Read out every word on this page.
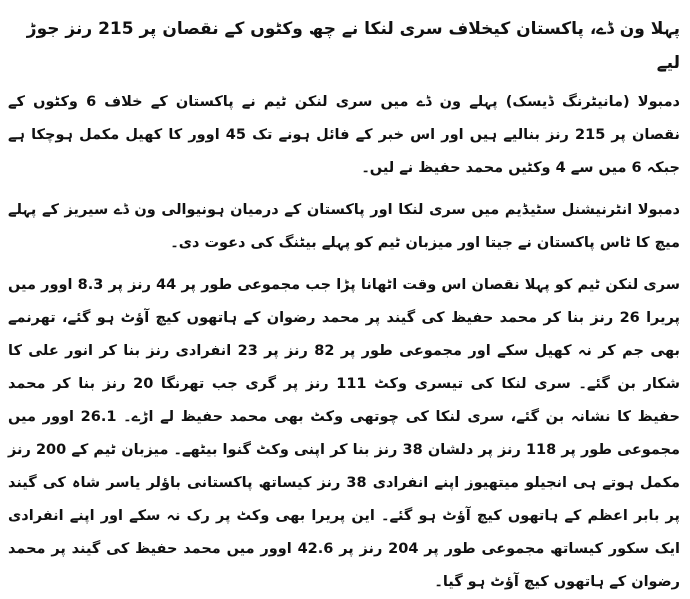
پہلا ون ڈے، پاکستان کیخلاف سری لنکا نے چھ وکٹوں کے نقصان پر 215 رنز جوڑ لیے

دمبولا (مانیٹرنگ ڈیسک) پہلے ون ڈے میں سری لنکن ٹیم نے پاکستان کے خلاف 6 وکٹوں کے نقصان پر 215 رنز بنالیے ہیں اور اس خبر کے فائل ہونے تک 45 اوور کا کھیل مکمل ہوچکا ہے جبکہ 6 میں سے 4 وکٹیں محمد حفیظ نے لیں۔

دمبولا انٹرنیشنل سٹیڈیم میں سری لنکا اور پاکستان کے درمیان ہونیوالی ون ڈے سیریز کے پہلے میچ کا ٹاس پاکستان نے جیتا اور میزبان ٹیم کو پہلے بیٹنگ کی دعوت دی۔

سری لنکن ٹیم کو پہلا نقصان اس وقت اٹھانا پڑا جب مجموعی طور پر 44 رنز پر 8.3 اوور میں پریرا 26 رنز بنا کر محمد حفیظ کی گیند پر محمد رضوان کے ہاتھوں کیچ آؤٹ ہو گئے، تھرنمے بھی جم کر نہ کھیل سکے اور مجموعی طور پر 82 رنز پر 23 انفرادی رنز بنا کر انور علی کا شکار بن گئے۔ سری لنکا کی تیسری وکٹ 111 رنز پر گری جب تھرنگا 20 رنز بنا کر محمد حفیظ کا نشانہ بن گئے، سری لنکا کی چوتھی وکٹ بھی محمد حفیظ لے اڑے۔ 26.1 اوور میں مجموعی طور پر 118 رنز پر دلشان 38 رنز بنا کر اپنی وکٹ گنوا بیٹھے۔ میزبان ٹیم کے 200 رنز مکمل ہوتے ہی انجیلو میتھیوز اپنے انفرادی 38 رنز کیساتھ پاکستانی باؤلر یاسر شاہ کی گیند پر بابر اعظم کے ہاتھوں کیچ آؤٹ ہو گئے۔ این پریرا بھی وکٹ پر رک نہ سکے اور اپنے انفرادی ایک سکور کیساتھ مجموعی طور پر 204 رنز پر 42.6 اوور میں محمد حفیظ کی گیند پر محمد رضوان کے ہاتھوں کیچ آؤٹ ہو گیا۔
